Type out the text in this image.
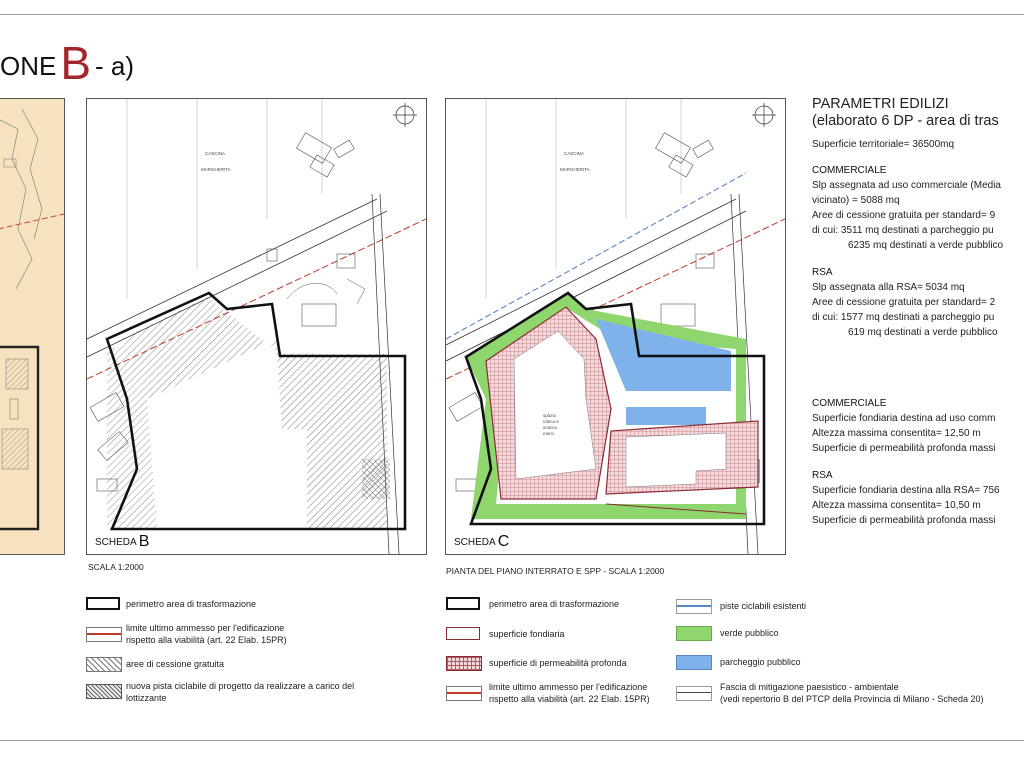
ONEB - a)
CASCINA
MARGHERITA
SCHEDA B
SCALA 1:2000
CASCINA
MARGHERITA
spazio
carico e
scarico
merci
SCHEDA C
PIANTA DEL PIANO INTERRATO E SPP - SCALA 1:2000
perimetro area di trasformazione
limite ultimo ammesso per l'edificazione
rispetto alla viabilità (art. 22 Elab. 15PR)
aree di cessione gratuita
nuova pista ciclabile di progetto da realizzare a carico del
lottizzante
perimetro area di trasformazione
superficie fondiaria
superficie di permeabilità profonda
limite ultimo ammesso per l'edificazione
rispetto alla viabilità (art. 22 Elab. 15PR)
piste ciclabili esistenti
verde pubblico
parcheggio pubblico
Fascia di mitigazione paesistico - ambientale
(vedi repertorio B del PTCP della Provincia di Milano - Scheda 20)
PARAMETRI EDILIZI
(elaborato 6 DP - area di tras
Superficie territoriale= 36500mq
COMMERCIALE
Slp assegnata ad uso commerciale (Media
vicinato) = 5088 mq
Aree di cessione gratuita per standard= 9
di cui: 3511 mq destinati a parcheggio pu
6235 mq destinati a verde pubblico
RSA
Slp assegnata alla RSA= 5034 mq
Aree di cessione gratuita per standard= 2
di cui: 1577 mq destinati a parcheggio pu
619 mq destinati a verde pubblico
COMMERCIALE
Superficie fondiaria destina ad uso comm
Altezza massima consentita= 12,50 m
Superficie di permeabilità profonda massi
RSA
Superficie fondiaria destina alla RSA= 756
Altezza massima consentita= 10,50 m
Superficie di permeabilità profonda massi
